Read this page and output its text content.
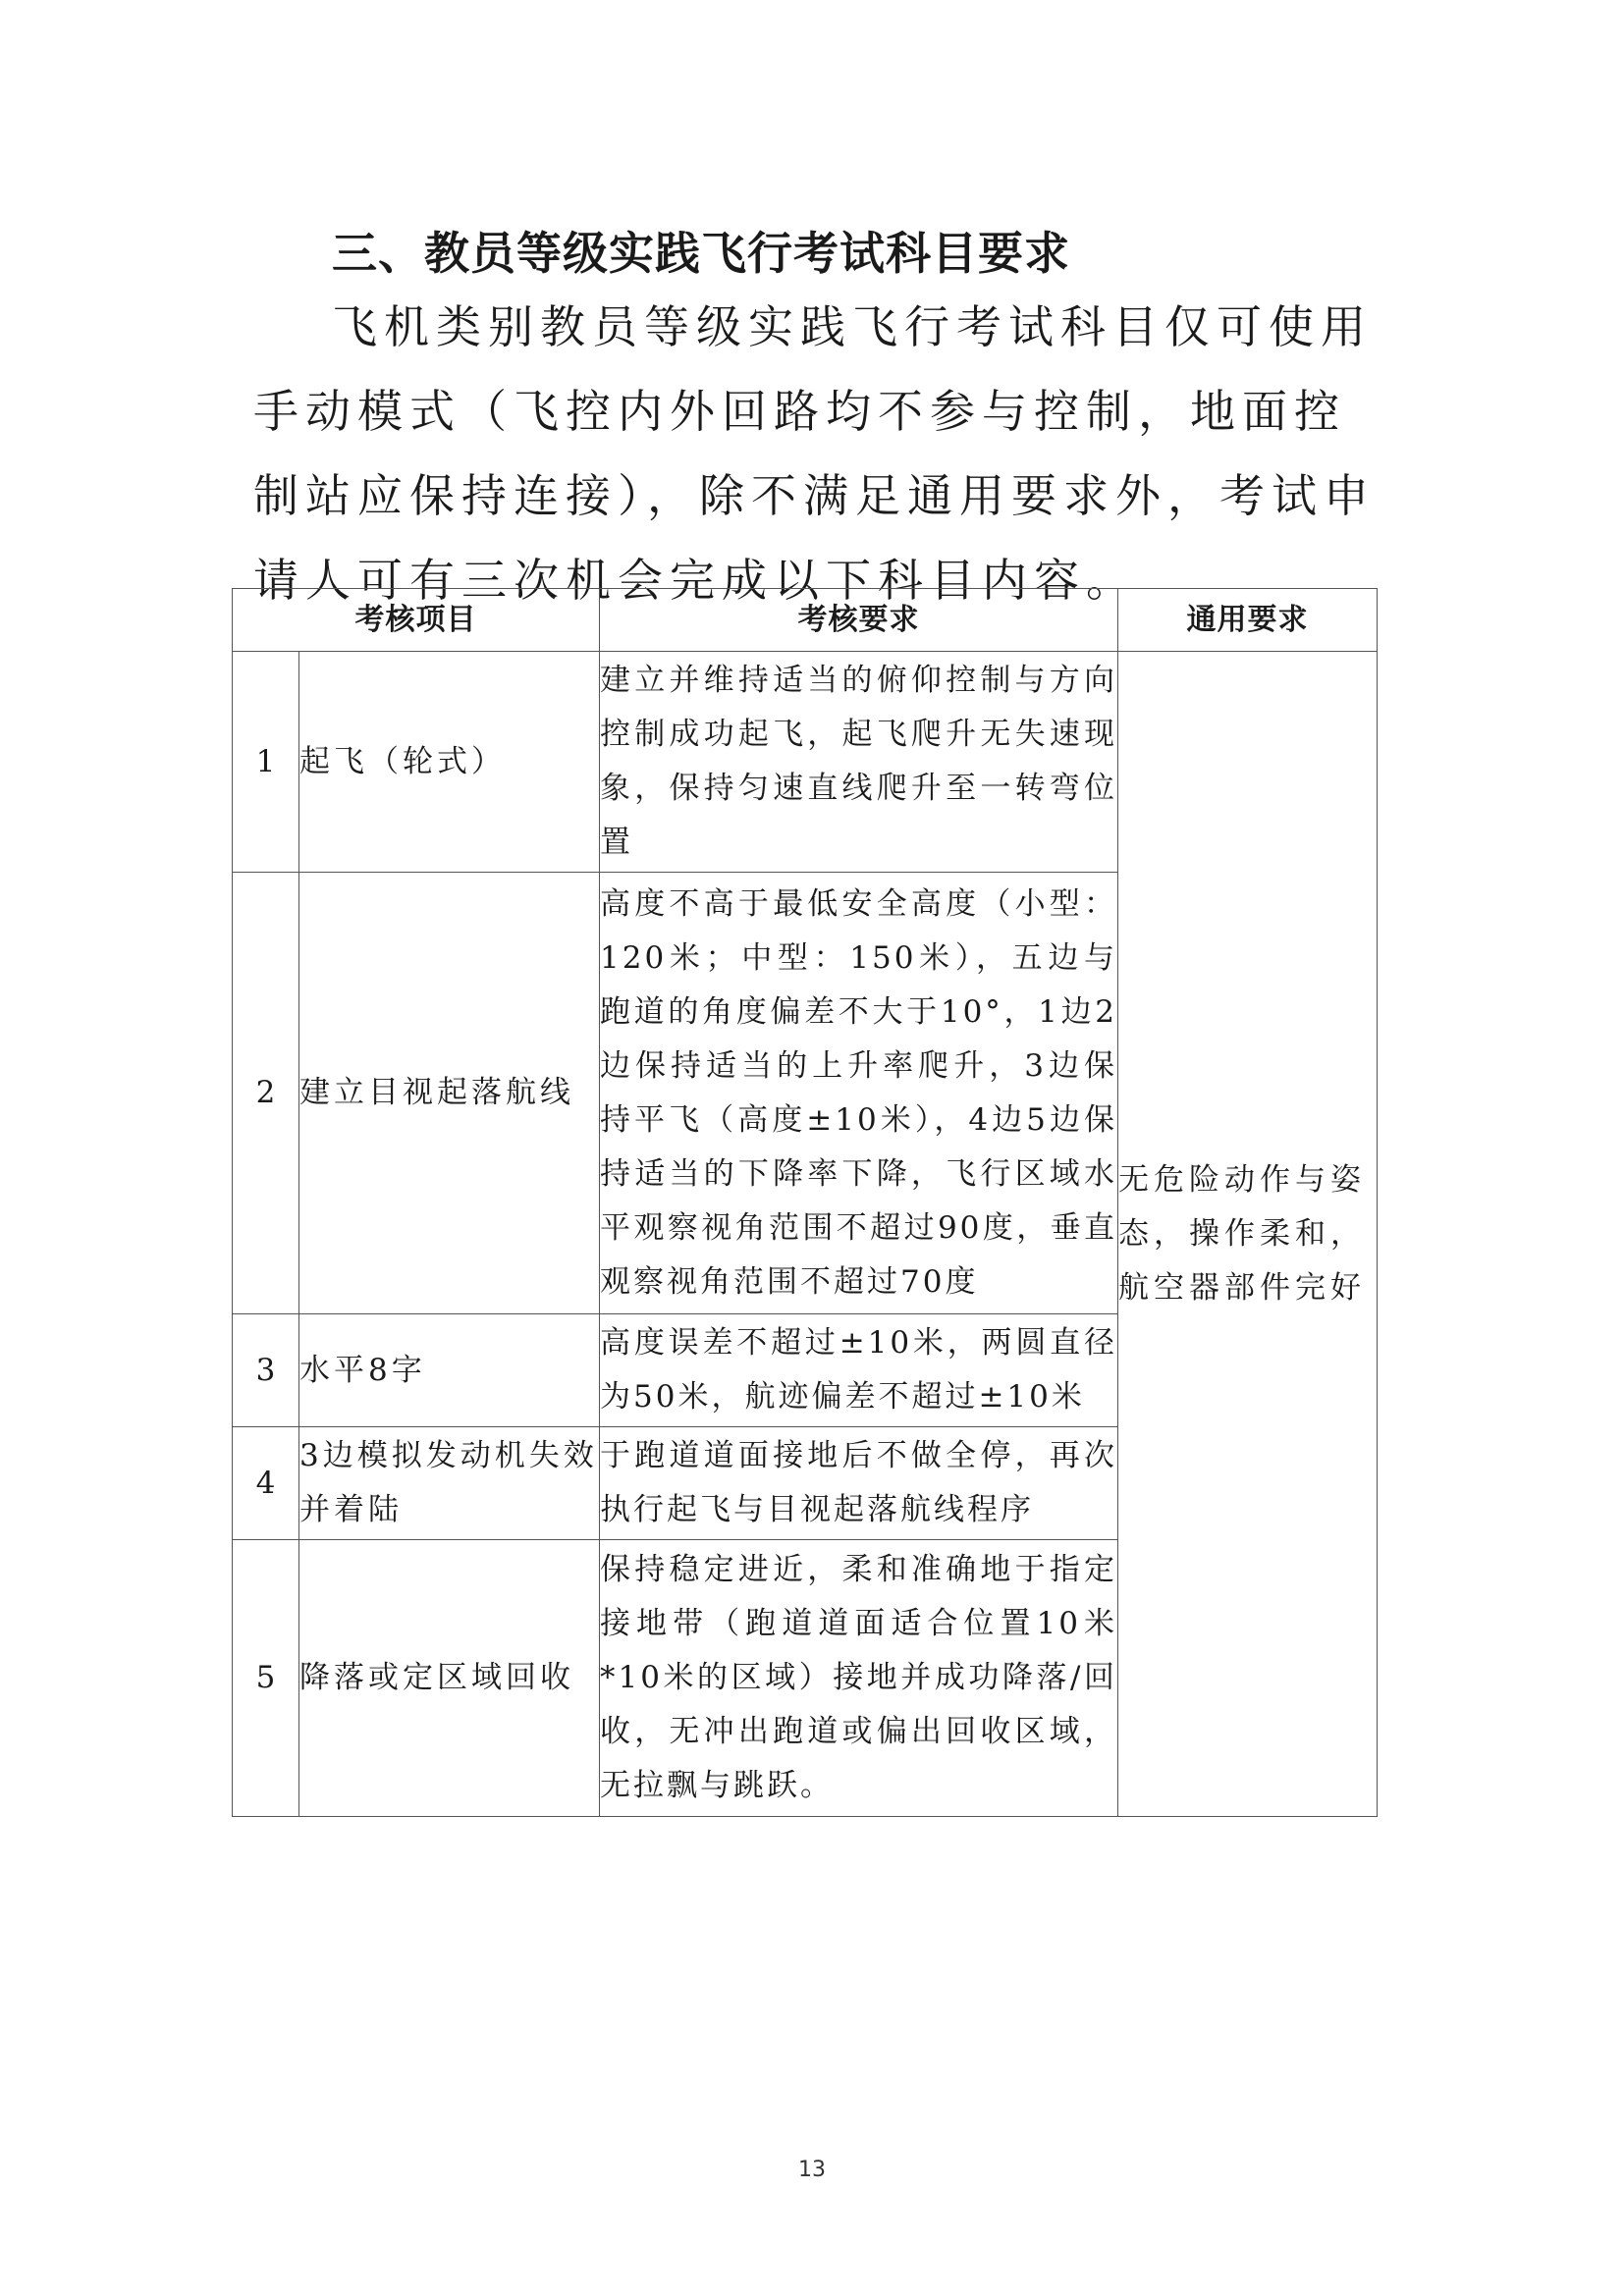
三、教员等级实践飞行考试科目要求

飞机类别教员等级实践飞行考试科目仅可使用手动模式（飞控内外回路均不参与控制，地面控制站应保持连接），除不满足通用要求外，考试申请人可有三次机会完成以下科目内容。

考核项目		考核要求	通用要求
1	起飞（轮式）	建立并维持适当的俯仰控制与方向控制成功起飞，起飞爬升无失速现象，保持匀速直线爬升至一转弯位置	无危险动作与姿态，操作柔和，航空器部件完好
2	建立目视起落航线	高度不高于最低安全高度（小型：120米；中型：150米），五边与跑道的角度偏差不大于10°，1边2边保持适当的上升率爬升，3边保持平飞（高度±10米），4边5边保持适当的下降率下降，飞行区域水平观察视角范围不超过90度，垂直观察视角范围不超过70度	
3	水平8字	高度误差不超过±10米，两圆直径为50米，航迹偏差不超过±10米	
4	3边模拟发动机失效并着陆	于跑道道面接地后不做全停，再次执行起飞与目视起落航线程序	
5	降落或定区域回收	保持稳定进近，柔和准确地于指定接地带（跑道道面适合位置10米*10米的区域）接地并成功降落/回收，无冲出跑道或偏出回收区域，无拉飘与跳跃。	
13
